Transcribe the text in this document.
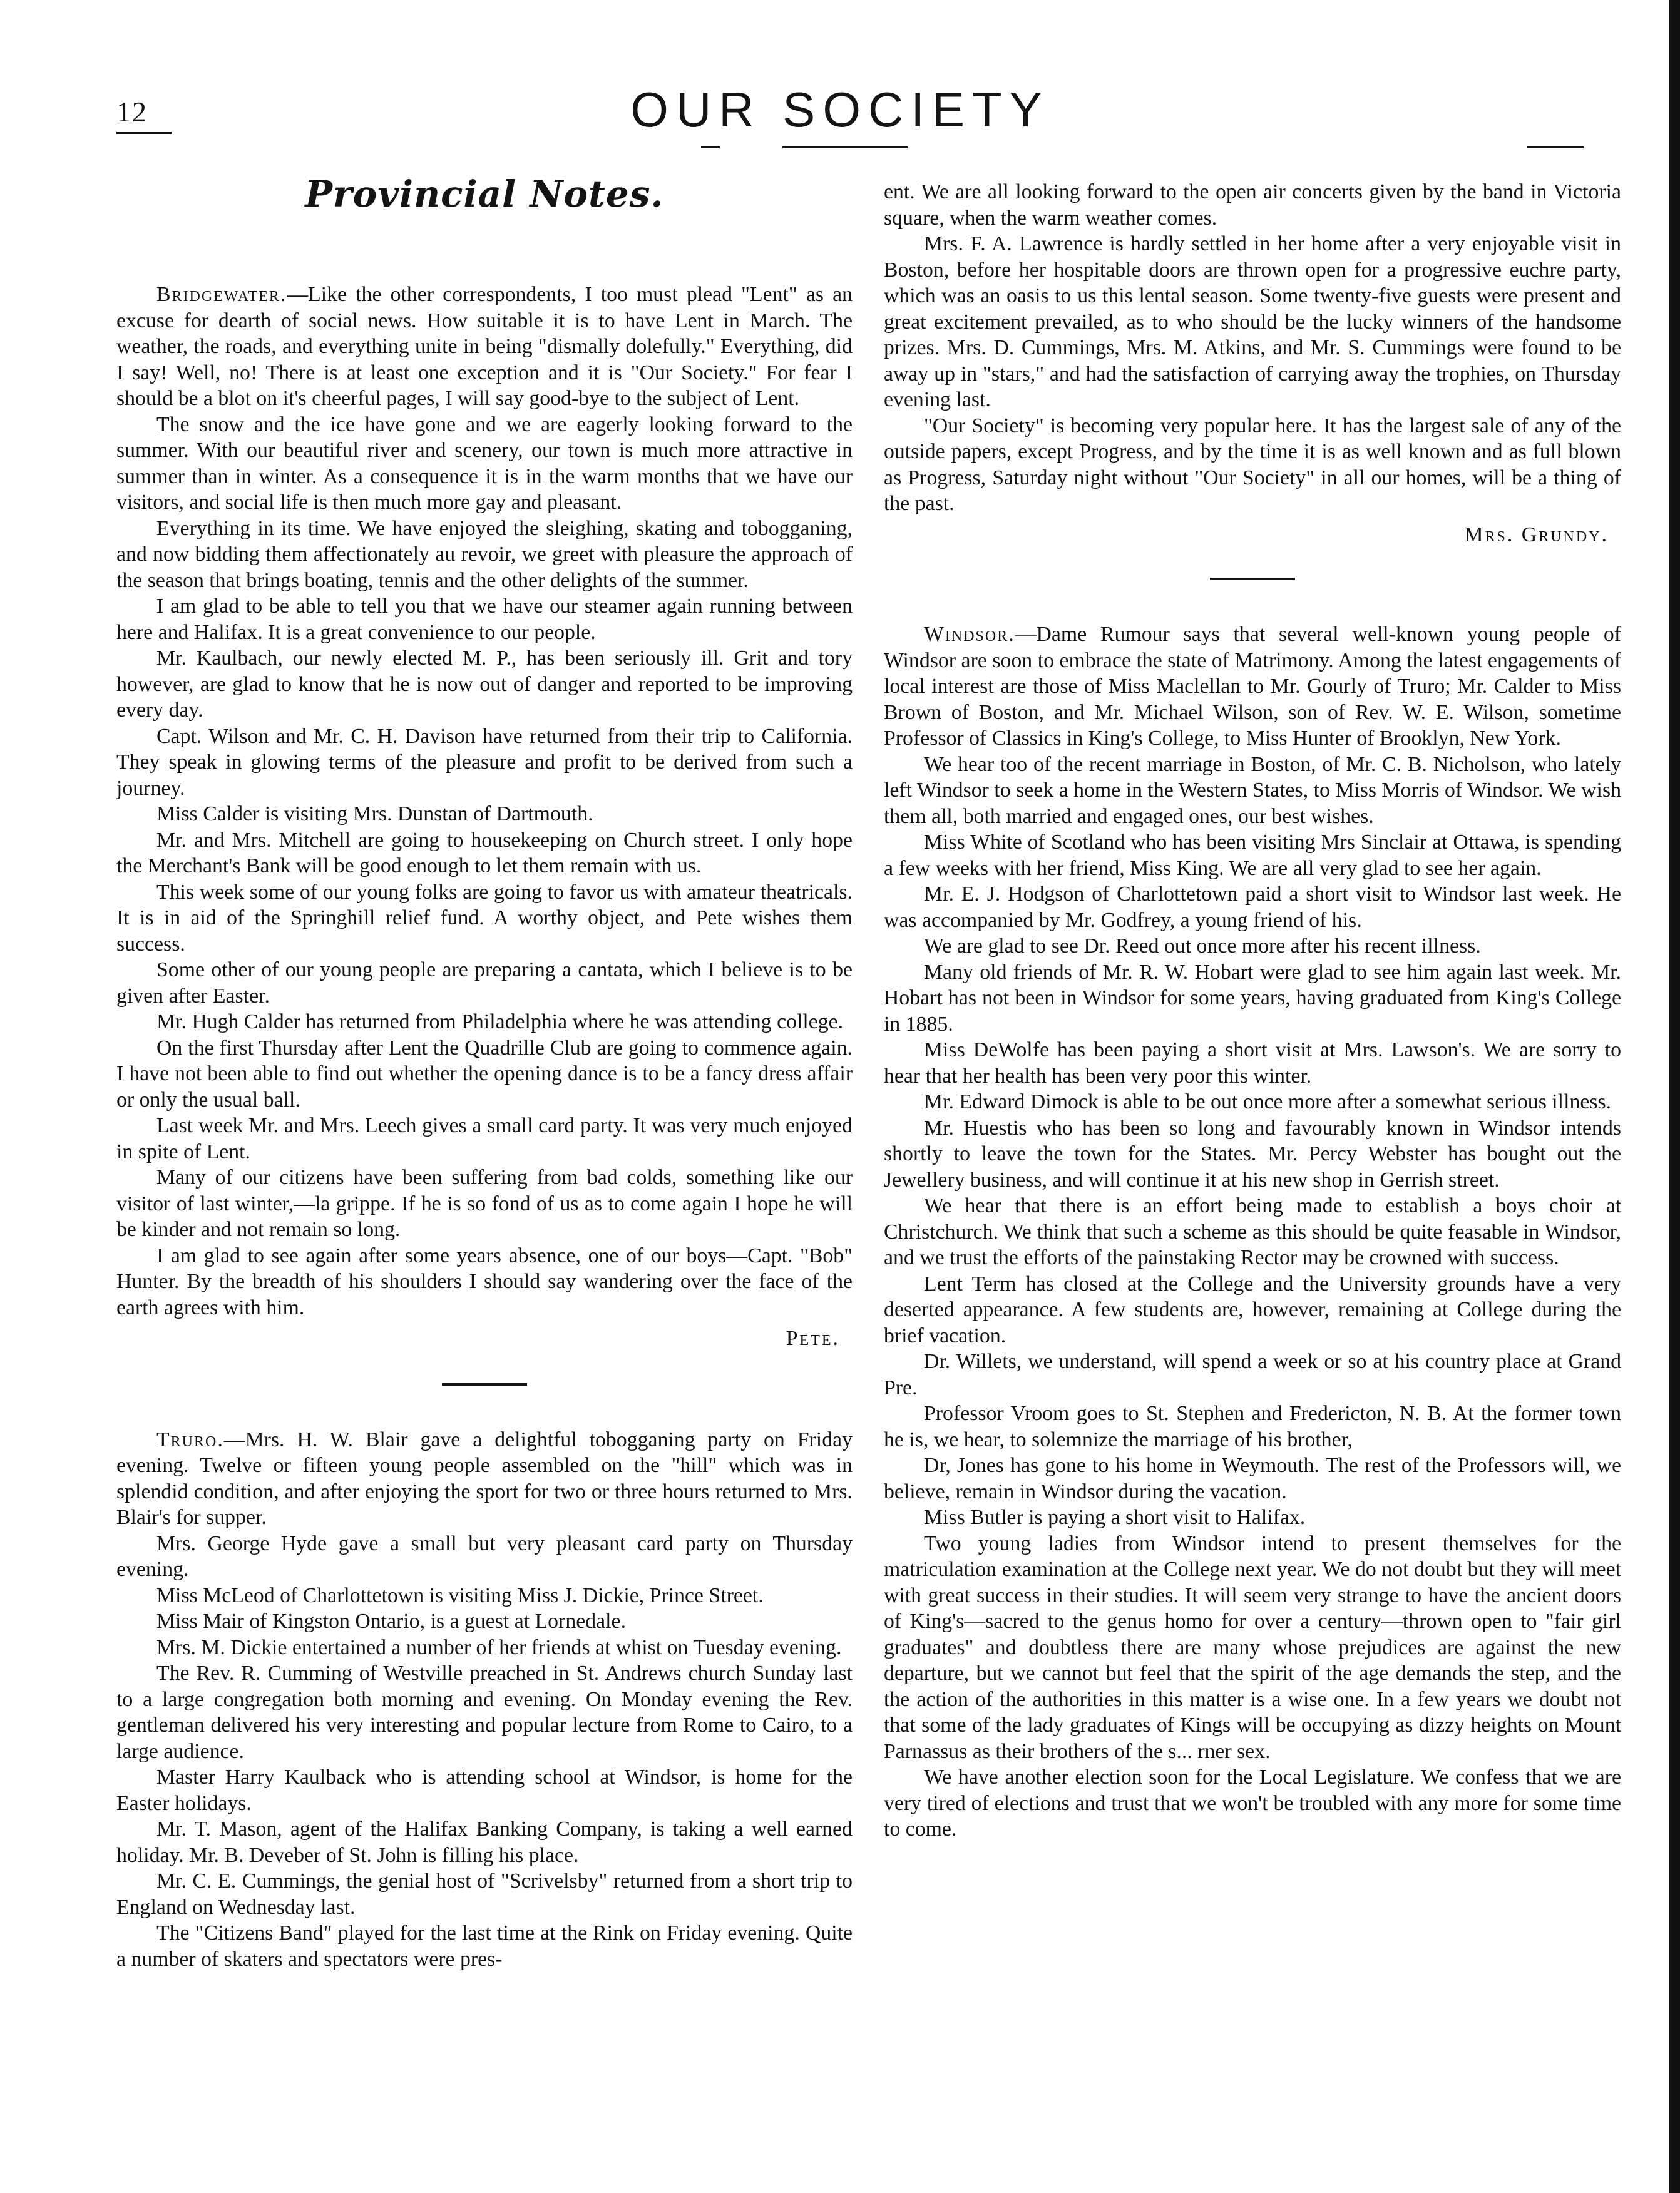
12	OUR SOCIETY
Provincial Notes.

Bridgewater.—Like the other correspondents, I too must plead "Lent" as an excuse for dearth of social news. How suitable it is to have Lent in March. The weather, the roads, and everything unite in being "dismally dolefully." Everything, did I say! Well, no! There is at least one exception and it is "Our Society." For fear I should be a blot on it's cheerful pages, I will say good-bye to the subject of Lent.

The snow and the ice have gone and we are eagerly looking forward to the summer. With our beautiful river and scenery, our town is much more attractive in summer than in winter. As a consequence it is in the warm months that we have our visitors, and social life is then much more gay and pleasant.

Everything in its time. We have enjoyed the sleighing, skating and tobogganing, and now bidding them affectionately au revoir, we greet with pleasure the approach of the season that brings boating, tennis and the other delights of the summer.

I am glad to be able to tell you that we have our steamer again running between here and Halifax. It is a great convenience to our people.

Mr. Kaulbach, our newly elected M. P., has been seriously ill. Grit and tory however, are glad to know that he is now out of danger and reported to be improving every day.

Capt. Wilson and Mr. C. H. Davison have returned from their trip to California. They speak in glowing terms of the pleasure and profit to be derived from such a journey.

Miss Calder is visiting Mrs. Dunstan of Dartmouth.

Mr. and Mrs. Mitchell are going to housekeeping on Church street. I only hope the Merchant's Bank will be good enough to let them remain with us.

This week some of our young folks are going to favor us with amateur theatricals. It is in aid of the Springhill relief fund. A worthy object, and Pete wishes them success.

Some other of our young people are preparing a cantata, which I believe is to be given after Easter.

Mr. Hugh Calder has returned from Philadelphia where he was attending college.

On the first Thursday after Lent the Quadrille Club are going to commence again. I have not been able to find out whether the opening dance is to be a fancy dress affair or only the usual ball.

Last week Mr. and Mrs. Leech gives a small card party. It was very much enjoyed in spite of Lent.

Many of our citizens have been suffering from bad colds, something like our visitor of last winter,—la grippe. If he is so fond of us as to come again I hope he will be kinder and not remain so long.

I am glad to see again after some years absence, one of our boys—Capt. "Bob" Hunter. By the breadth of his shoulders I should say wandering over the face of the earth agrees with him.

Pete.

Truro.—Mrs. H. W. Blair gave a delightful tobogganing party on Friday evening. Twelve or fifteen young people assembled on the "hill" which was in splendid condition, and after enjoying the sport for two or three hours returned to Mrs. Blair's for supper.

Mrs. George Hyde gave a small but very pleasant card party on Thursday evening.

Miss McLeod of Charlottetown is visiting Miss J. Dickie, Prince Street.

Miss Mair of Kingston Ontario, is a guest at Lornedale.

Mrs. M. Dickie entertained a number of her friends at whist on Tuesday evening.

The Rev. R. Cumming of Westville preached in St. Andrews church Sunday last to a large congregation both morning and evening. On Monday evening the Rev. gentleman delivered his very interesting and popular lecture from Rome to Cairo, to a large audience.

Master Harry Kaulback who is attending school at Windsor, is home for the Easter holidays.

Mr. T. Mason, agent of the Halifax Banking Company, is taking a well earned holiday. Mr. B. Deveber of St. John is filling his place.

Mr. C. E. Cummings, the genial host of "Scrivelsby" returned from a short trip to England on Wednesday last.

The "Citizens Band" played for the last time at the Rink on Friday evening. Quite a number of skaters and spectators were pres-

ent. We are all looking forward to the open air concerts given by the band in Victoria square, when the warm weather comes.

Mrs. F. A. Lawrence is hardly settled in her home after a very enjoyable visit in Boston, before her hospitable doors are thrown open for a progressive euchre party, which was an oasis to us this lental season. Some twenty-five guests were present and great excitement prevailed, as to who should be the lucky winners of the handsome prizes. Mrs. D. Cummings, Mrs. M. Atkins, and Mr. S. Cummings were found to be away up in "stars," and had the satisfaction of carrying away the trophies, on Thursday evening last.

"Our Society" is becoming very popular here. It has the largest sale of any of the outside papers, except Progress, and by the time it is as well known and as full blown as Progress, Saturday night without "Our Society" in all our homes, will be a thing of the past.

Mrs. Grundy.

Windsor.—Dame Rumour says that several well-known young people of Windsor are soon to embrace the state of Matrimony. Among the latest engagements of local interest are those of Miss Maclellan to Mr. Gourly of Truro; Mr. Calder to Miss Brown of Boston, and Mr. Michael Wilson, son of Rev. W. E. Wilson, sometime Professor of Classics in King's College, to Miss Hunter of Brooklyn, New York.

We hear too of the recent marriage in Boston, of Mr. C. B. Nicholson, who lately left Windsor to seek a home in the Western States, to Miss Morris of Windsor. We wish them all, both married and engaged ones, our best wishes.

Miss White of Scotland who has been visiting Mrs Sinclair at Ottawa, is spending a few weeks with her friend, Miss King. We are all very glad to see her again.

Mr. E. J. Hodgson of Charlottetown paid a short visit to Windsor last week. He was accompanied by Mr. Godfrey, a young friend of his.

We are glad to see Dr. Reed out once more after his recent illness.

Many old friends of Mr. R. W. Hobart were glad to see him again last week. Mr. Hobart has not been in Windsor for some years, having graduated from King's College in 1885.

Miss DeWolfe has been paying a short visit at Mrs. Lawson's. We are sorry to hear that her health has been very poor this winter.

Mr. Edward Dimock is able to be out once more after a somewhat serious illness.

Mr. Huestis who has been so long and favourably known in Windsor intends shortly to leave the town for the States. Mr. Percy Webster has bought out the Jewellery business, and will continue it at his new shop in Gerrish street.

We hear that there is an effort being made to establish a boys choir at Christchurch. We think that such a scheme as this should be quite feasable in Windsor, and we trust the efforts of the painstaking Rector may be crowned with success.

Lent Term has closed at the College and the University grounds have a very deserted appearance. A few students are, however, remaining at College during the brief vacation.

Dr. Willets, we understand, will spend a week or so at his country place at Grand Pre.

Professor Vroom goes to St. Stephen and Fredericton, N. B. At the former town he is, we hear, to solemnize the marriage of his brother,

Dr, Jones has gone to his home in Weymouth. The rest of the Professors will, we believe, remain in Windsor during the vacation.

Miss Butler is paying a short visit to Halifax.

Two young ladies from Windsor intend to present themselves for the matriculation examination at the College next year. We do not doubt but they will meet with great success in their studies. It will seem very strange to have the ancient doors of King's—sacred to the genus homo for over a century—thrown open to "fair girl graduates" and doubtless there are many whose prejudices are against the new departure, but we cannot but feel that the spirit of the age demands the step, and the the action of the authorities in this matter is a wise one. In a few years we doubt not that some of the lady graduates of Kings will be occupying as dizzy heights on Mount Parnassus as their brothers of the s... rner sex.

We have another election soon for the Local Legislature. We confess that we are very tired of elections and trust that we won't be troubled with any more for some time to come.
